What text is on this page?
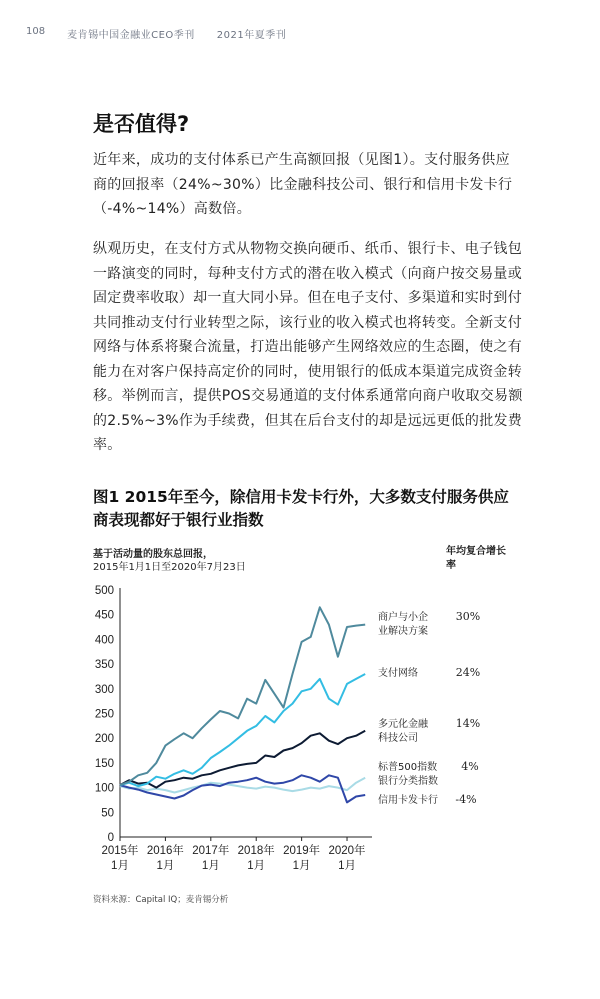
108 麦肯锡中国金融业CEO季刊 2021年夏季刊
是否值得?
近年来，成功的支付体系已产生高额回报（见图1）。支付服务供应商的回报率（24%~30%）比金融科技公司、银行和信用卡发卡行（-4%~14%）高数倍。
纵观历史，在支付方式从物物交换向硬币、纸币、银行卡、电子钱包一路演变的同时，每种支付方式的潜在收入模式（向商户按交易量或固定费率收取）却一直大同小异。但在电子支付、多渠道和实时到付共同推动支付行业转型之际，该行业的收入模式也将转变。全新支付网络与体系将聚合流量，打造出能够产生网络效应的生态圈，使之有能力在对客户保持高定价的同时，使用银行的低成本渠道完成资金转移。举例而言，提供POS交易通道的支付体系通常向商户收取交易额的2.5%~3%作为手续费，但其在后台支付的却是远远更低的批发费率。
图1 2015年至今，除信用卡发卡行外，大多数支付服务供应商表现都好于银行业指数
基于活动量的股东总回报，
2015年1月1日至2020年7月23日
年均复合增长率
0
50
100
150
200
250
300
350
400
450
500
2015年
1月
2016年
1月
2017年
1月
2018年
1月
2019年
1月
2020年
1月
商户与小企
业解决方案
30%
支付网络	24%
多元化金融
科技公司
14%
标普500指数
银行分类指数
4%
信用卡发卡行 -4%
资料来源：Capital IQ；麦肯锡分析
